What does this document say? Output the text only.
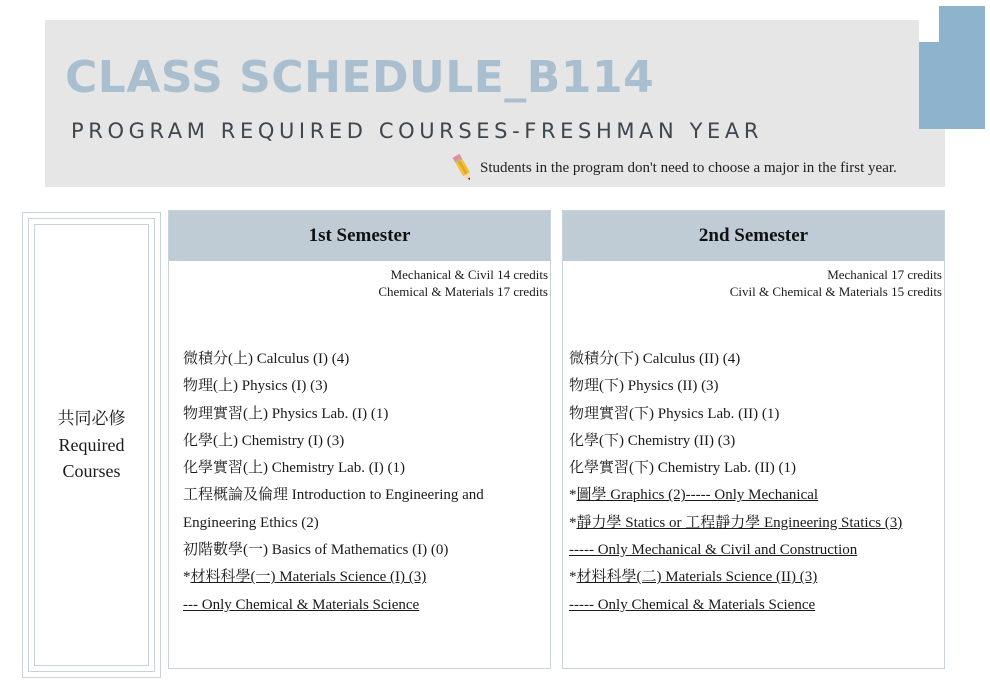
CLASS SCHEDULE_B114
PROGRAM REQUIRED COURSES-FRESHMAN YEAR
Students in the program don't need to choose a major in the first year.
共同必修
Required
Courses
1st Semester
Mechanical & Civil 14 credits
Chemical & Materials 17 credits
微積分(上) Calculus (I) (4)
物理(上) Physics (I) (3)
物理實習(上) Physics Lab. (I) (1)
化學(上) Chemistry (I) (3)
化學實習(上) Chemistry Lab. (I) (1)
工程概論及倫理 Introduction to Engineering and
Engineering Ethics (2)
初階數學(一) Basics of Mathematics (I) (0)
*材料科學(一) Materials Science (I) (3)
--- Only Chemical & Materials Science
2nd Semester
Mechanical 17 credits
Civil & Chemical & Materials 15 credits
微積分(下) Calculus (II) (4)
物理(下) Physics (II) (3)
物理實習(下) Physics Lab. (II) (1)
化學(下) Chemistry (II) (3)
化學實習(下) Chemistry Lab. (II) (1)
*圖學 Graphics (2)----- Only Mechanical
*靜力學 Statics or 工程靜力學 Engineering Statics (3)
----- Only Mechanical & Civil and Construction
*材料科學(二) Materials Science (II) (3)
----- Only Chemical & Materials Science
